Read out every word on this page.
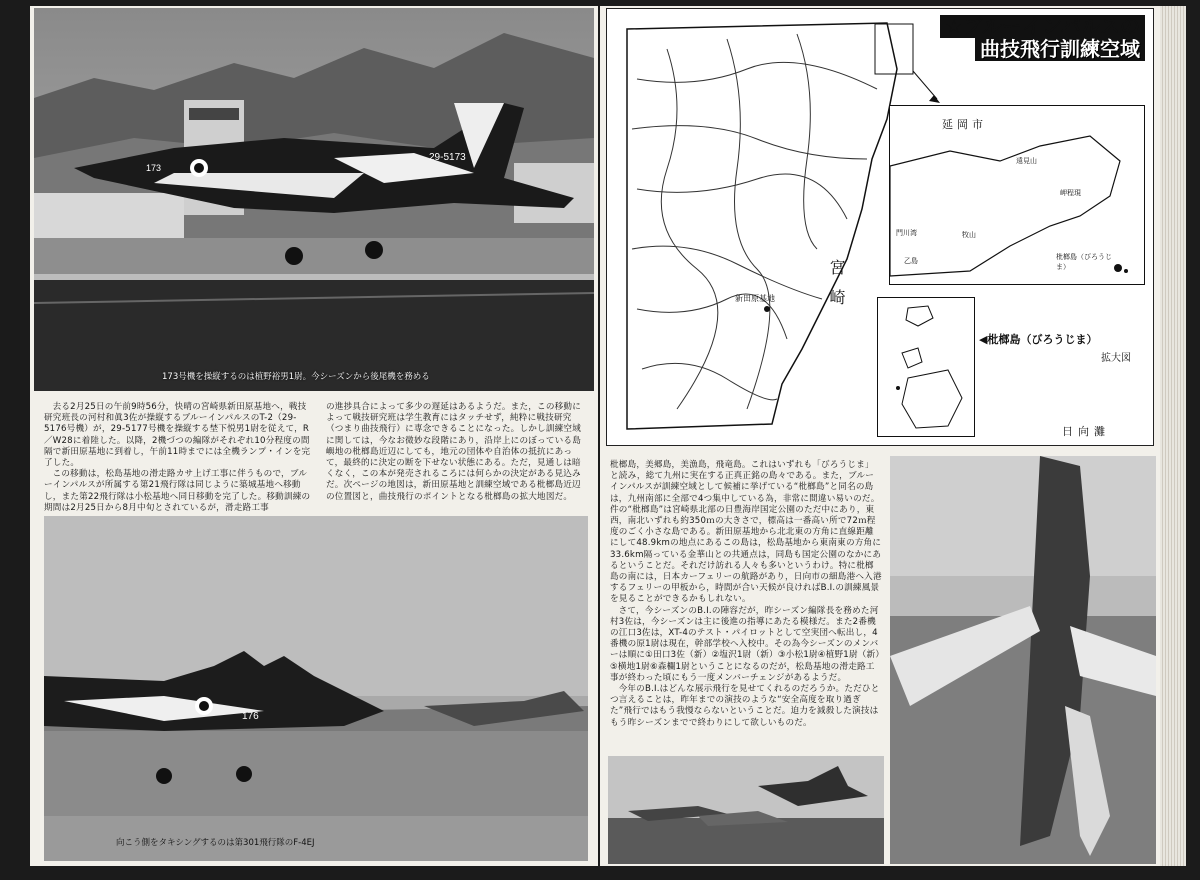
29-5173
173
173号機を操縦するのは植野裕男1尉。今シーズンから後尾機を務める

去る2月25日の午前9時56分，快晴の宮崎県新田原基地へ，戦技研究班長の河村和眞3佐が操縦するブルーインパルスのT-2（29-5176号機）が，29-5177号機を操縦する埜下悦男1尉を従えて，R／W28に着陸した。以降，2機づつの編隊がそれぞれ10分程度の間隔で新田原基地に到着し，午前11時までには全機ランプ・インを完了した。

この移動は，松島基地の滑走路カサ上げ工事に伴うもので，ブルーインパルスが所属する第21飛行隊は同じように築城基地へ移動し，また第22飛行隊は小松基地へ同日移動を完了した。移動訓練の期間は2月25日から8月中旬とされているが，滑走路工事

の進捗具合によって多少の遅延はあるようだ。また，この移動によって戦技研究班は学生教育にはタッチせず，純粋に戦技研究（つまり曲技飛行）に専念できることになった。しかし訓練空域に関しては，今なお微妙な段階にあり，沿岸上にのぼっている島嶼地の枇榔島近辺にしても，地元の団体や自治体の抵抗にあって，最終的に決定の断を下せない状態にある。ただ，見通しは暗くなく，この本が発売されるころには何らかの決定がある見込みだ。次ページの地図は，新田原基地と訓練空域である枇榔島近辺の位置図と，曲技飛行のポイントとなる枇榔島の拡大地図だ。

176
向こう側をタキシングするのは第301飛行隊のF-4EJ
☆ブルーインパルスの
曲技飛行訓練空域
宮崎
新田原基地
日向灘
延岡市
遠見山
岬程現
門川湾	牧山
乙島	枇榔島（びろうじま）
◀枇榔島（びろうじま）
拡大図

枇榔島，美郷島，美漁島，飛竜島。これはいずれも「びろうじま」と読み，総て九州に実在する正真正銘の島々である。また，ブルーインパルスが訓練空域として候補に挙げている“枇榔島”と同名の島は，九州南部に全部で4つ集中している為，非常に間違い易いのだ。件の“枇榔島”は宮崎県北部の日豊海岸国定公園のただ中にあり，東西，南北いずれも約350ｍの大きさで，標高は一番高い所で72ｍ程度のごく小さな島である。新田原基地から北北東の方角に直線距離にして48.9kmの地点にあるこの島は，松島基地から東南東の方角に33.6km隔っている金華山との共通点は，同島も国定公園のなかにあるということだ。それだけ訪れる人々も多いというわけ。特に枇榔島の南には，日本カーフェリーの航路があり，日向市の細島港へ入港するフェリーの甲板から，時間が合い天候が良ければB.I.の訓練風景を見ることができるかもしれない。

さて，今シーズンのB.I.の陣容だが，昨シーズン編隊長を務めた河村3佐は，今シーズンは主に後進の指導にあたる模様だ。また2番機の江口3佐は，XT-4のテスト・パイロットとして空実団へ転出し，4番機の原1尉は現在，幹部学校へ入校中。その為今シーズンのメンバーは順に①田口3佐（新）②塩沢1尉（新）③小松1尉④植野1尉（新）⑤横地1尉⑥森欄1尉ということになるのだが，松島基地の滑走路工事が終わった頃にもう一度メンバーチェンジがあるようだ。

今年のB.I.はどんな展示飛行を見せてくれるのだろうか。ただひとつ言えることは，昨年までの演技のような“安全高度を取り過ぎた”飛行ではもう我慢ならないということだ。迫力を減殺した演技はもう昨シーズンまでで終わりにして欲しいものだ。
